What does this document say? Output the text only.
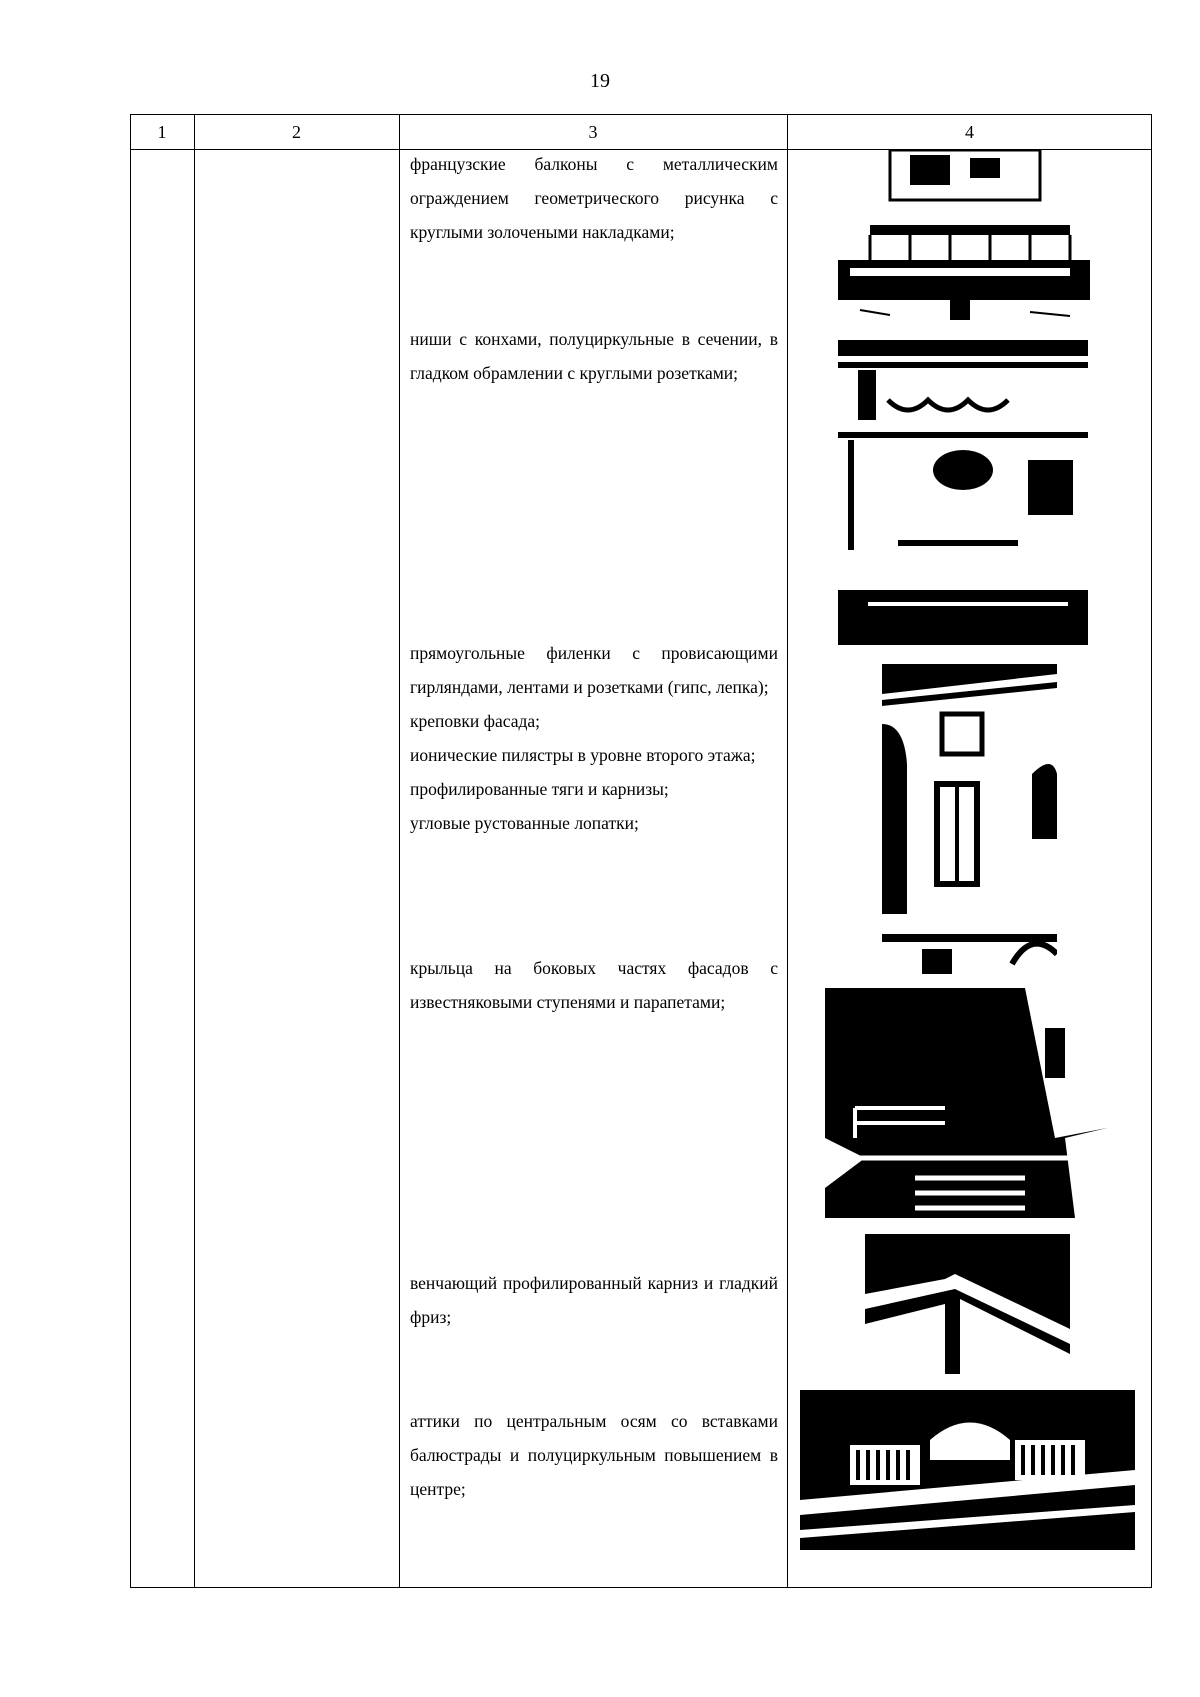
19
1	2	3	4

французские балконы с металлическим ограждением геометрического рисунка с круглыми золочеными накладками;

ниши с конхами, полуциркульные в сечении, в гладком обрамлении с круглыми розетками;

прямоугольные филенки с провисающими гирляндами, лентами и розетками (гипс, лепка);

креповки фасада;

ионические пилястры в уровне второго этажа;

профилированные тяги и карнизы;

угловые рустованные лопатки;

крыльца на боковых частях фасадов с известняковыми ступенями и парапетами;

венчающий профилированный карниз и гладкий фриз;

аттики по центральным осям со вставками балюстрады и полуциркульным повышением в центре;
